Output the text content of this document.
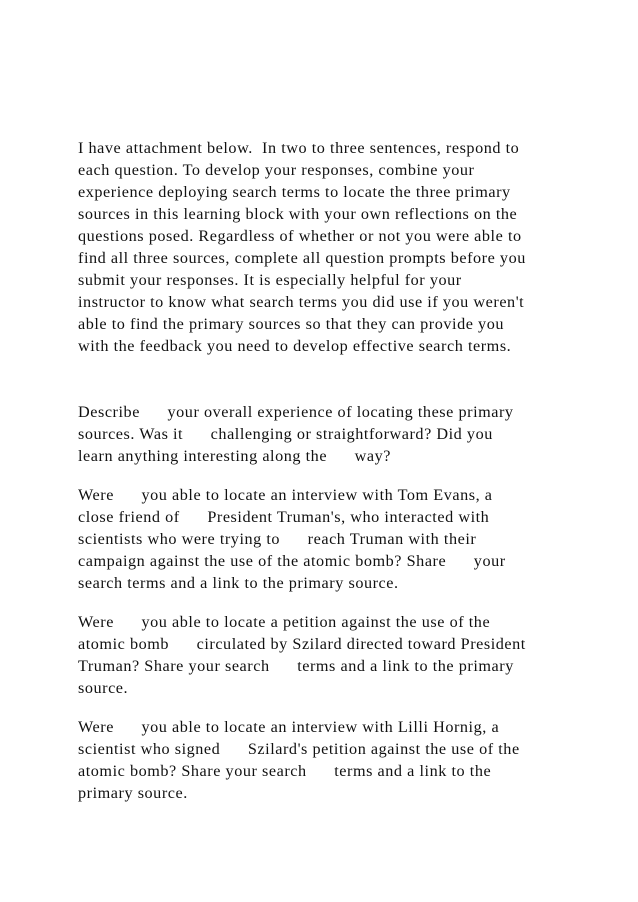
I have attachment below.  In two to three sentences, respond to

each question. To develop your responses, combine your

experience deploying search terms to locate the three primary

sources in this learning block with your own reflections on the

questions posed. Regardless of whether or not you were able to

find all three sources, complete all question prompts before you

submit your responses. It is especially helpful for your

instructor to know what search terms you did use if you weren't

able to find the primary sources so that they can provide you

with the feedback you need to develop effective search terms.

Describe      your overall experience of locating these primary

sources. Was it      challenging or straightforward? Did you

learn anything interesting along the      way?

Were      you able to locate an interview with Tom Evans, a

close friend of      President Truman's, who interacted with

scientists who were trying to      reach Truman with their

campaign against the use of the atomic bomb? Share      your

search terms and a link to the primary source.

Were      you able to locate a petition against the use of the

atomic bomb      circulated by Szilard directed toward President

Truman? Share your search      terms and a link to the primary

source.

Were      you able to locate an interview with Lilli Hornig, a

scientist who signed      Szilard's petition against the use of the

atomic bomb? Share your search      terms and a link to the

primary source.
